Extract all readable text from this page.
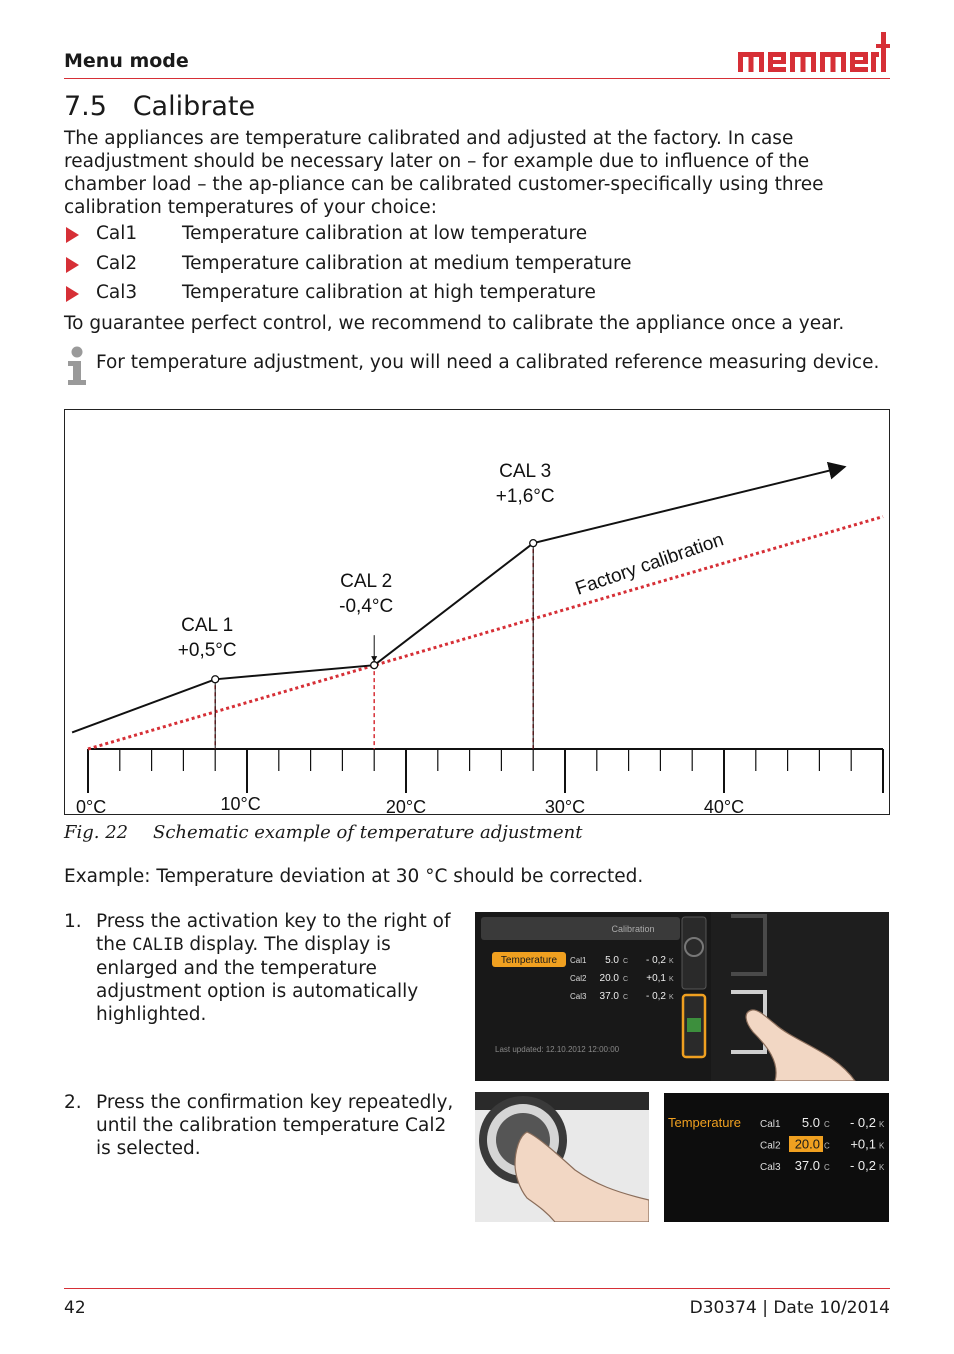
Menu mode
7.5 Calibrate
The appliances are temperature calibrated and adjusted at the factory. In case readjustment should be necessary later on – for example due to influence of the chamber load – the ap-pliance can be calibrated customer-specifically using three calibration temperatures of your choice:
Cal1 Temperature calibration at low temperature
Cal2 Temperature calibration at medium temperature
Cal3 Temperature calibration at high temperature
To guarantee perfect control, we recommend to calibrate the appliance once a year.
For temperature adjustment, you will need a calibrated reference measuring device.
0°C	10°C	20°C	30°C	40°C
CAL 1
+0,5°C
CAL 2
-0,4°C
CAL 3
+1,6°C
Factory calibration
Fig. 22 Schematic example of temperature adjustment
Example: Temperature deviation at 30 °C should be corrected.
1. Press the activation key to the right of the CALIB display. The display is enlarged and the temperature adjustment option is automatically highlighted.
2. Press the confirmation key repeatedly, until the calibration temperature Cal2 is selected.
Calibration
Temperature Cal1 5.0 C - 0,2 K
Cal2 20.0 C +0,1 K
Cal3 37.0 C - 0,2 K
Last updated: 12.10.2012 12:00:00
Temperature Cal1 5.0 C - 0,2 K
Cal2 20.0 C +0,1 K
Cal3 37.0 C - 0,2 K
42	D30374 | Date 10/2014
